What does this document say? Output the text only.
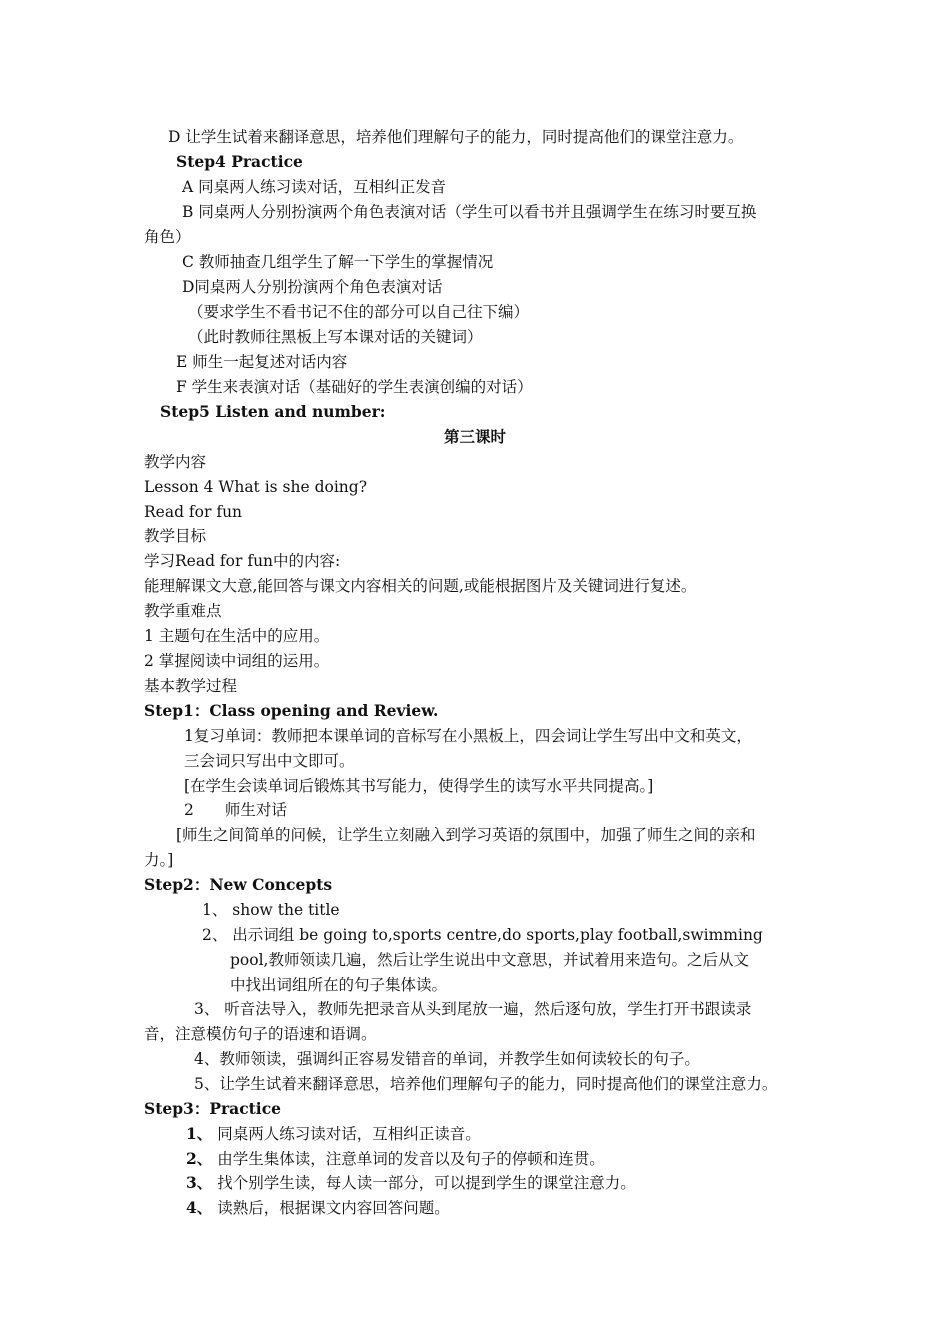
D 让学生试着来翻译意思，培养他们理解句子的能力，同时提高他们的课堂注意力。
Step4 Practice
A 同桌两人练习读对话，互相纠正发音
B 同桌两人分别扮演两个角色表演对话（学生可以看书并且强调学生在练习时要互换
角色）
C 教师抽查几组学生了解一下学生的掌握情况
D同桌两人分别扮演两个角色表演对话
（要求学生不看书记不住的部分可以自己往下编）
（此时教师往黑板上写本课对话的关键词）
E 师生一起复述对话内容
F 学生来表演对话（基础好的学生表演创编的对话）
Step5 Listen and number:
第三课时
教学内容
Lesson 4 What is she doing?
Read for fun
教学目标
学习Read for fun中的内容:
能理解课文大意,能回答与课文内容相关的问题,或能根据图片及关键词进行复述。
教学重难点
1 主题句在生活中的应用。
2 掌握阅读中词组的运用。
基本教学过程
Step1：Class opening and Review.
1复习单词：教师把本课单词的音标写在小黑板上，四会词让学生写出中文和英文，
三会词只写出中文即可。
[在学生会读单词后锻炼其书写能力，使得学生的读写水平共同提高。]
2　　师生对话
[师生之间简单的问候，让学生立刻融入到学习英语的氛围中，加强了师生之间的亲和
力。]
Step2：New Concepts
1、 show the title
2、 出示词组 be going to,sports centre,do sports,play football,swimming
pool,教师领读几遍，然后让学生说出中文意思，并试着用来造句。之后从文
中找出词组所在的句子集体读。
3、 听音法导入，教师先把录音从头到尾放一遍，然后逐句放，学生打开书跟读录
音，注意模仿句子的语速和语调。
4、教师领读，强调纠正容易发错音的单词，并教学生如何读较长的句子。
5、让学生试着来翻译意思，培养他们理解句子的能力，同时提高他们的课堂注意力。
Step3：Practice
1、 同桌两人练习读对话，互相纠正读音。
2、 由学生集体读，注意单词的发音以及句子的停顿和连贯。
3、 找个别学生读，每人读一部分，可以提到学生的课堂注意力。
4、 读熟后，根据课文内容回答问题。
